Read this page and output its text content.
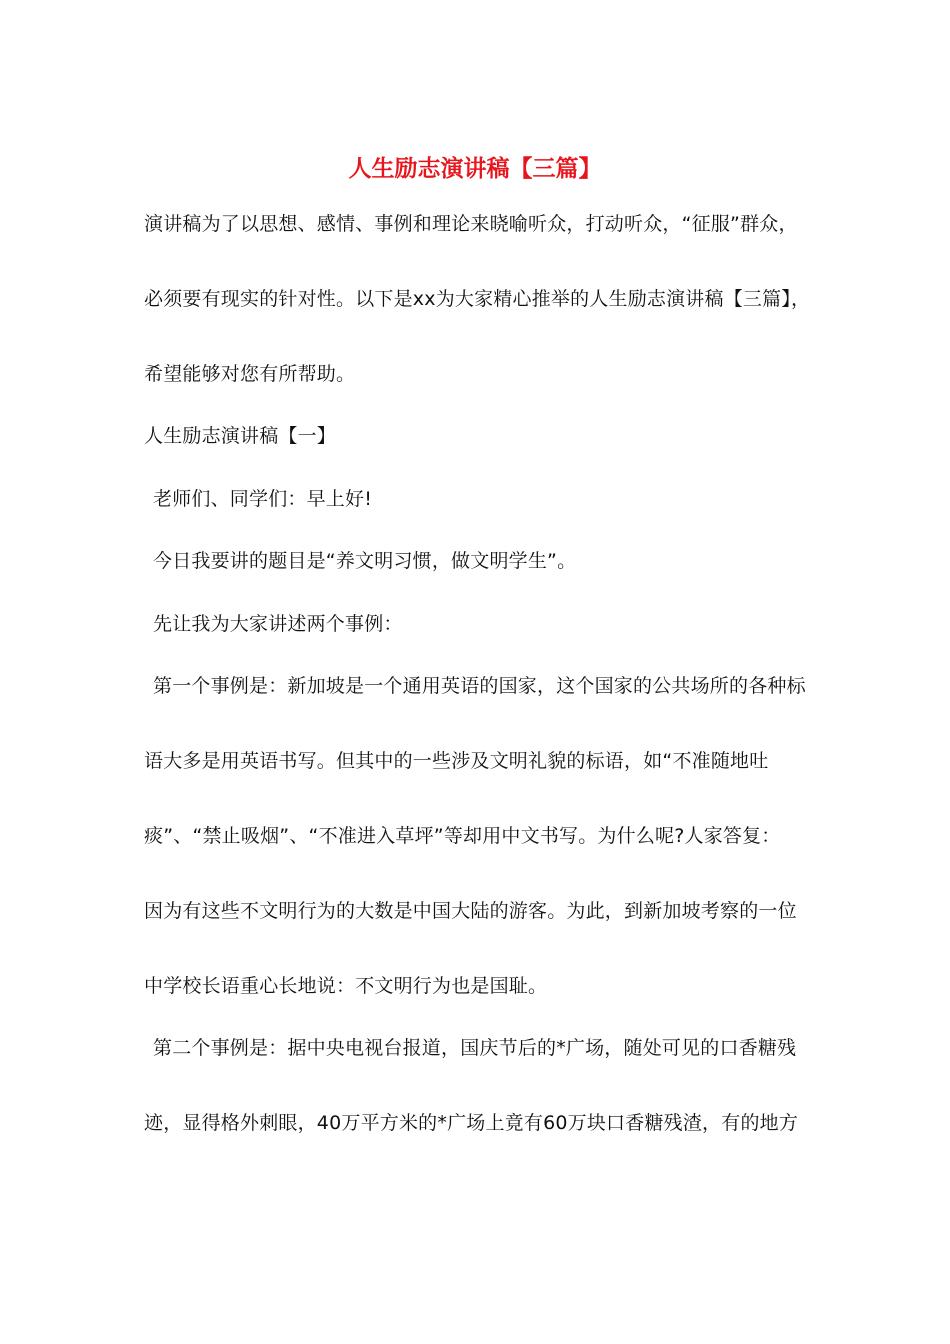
人生励志演讲稿【三篇】
演讲稿为了以思想、感情、事例和理论来晓喻听众，打动听众，“征服”群众，
必须要有现实的针对性。以下是xx为大家精心推举的人生励志演讲稿【三篇】，
希望能够对您有所帮助。
人生励志演讲稿【一】
老师们、同学们：早上好!
今日我要讲的题目是“养文明习惯，做文明学生”。
先让我为大家讲述两个事例：
第一个事例是：新加坡是一个通用英语的国家，这个国家的公共场所的各种标
语大多是用英语书写。但其中的一些涉及文明礼貌的标语，如“不准随地吐
痰”、“禁止吸烟”、“不准进入草坪”等却用中文书写。为什么呢?人家答复：
因为有这些不文明行为的大数是中国大陆的游客。为此，到新加坡考察的一位
中学校长语重心长地说：不文明行为也是国耻。
第二个事例是：据中央电视台报道，国庆节后的*广场，随处可见的口香糖残
迹，显得格外刺眼，40万平方米的*广场上竟有60万块口香糖残渣，有的地方
